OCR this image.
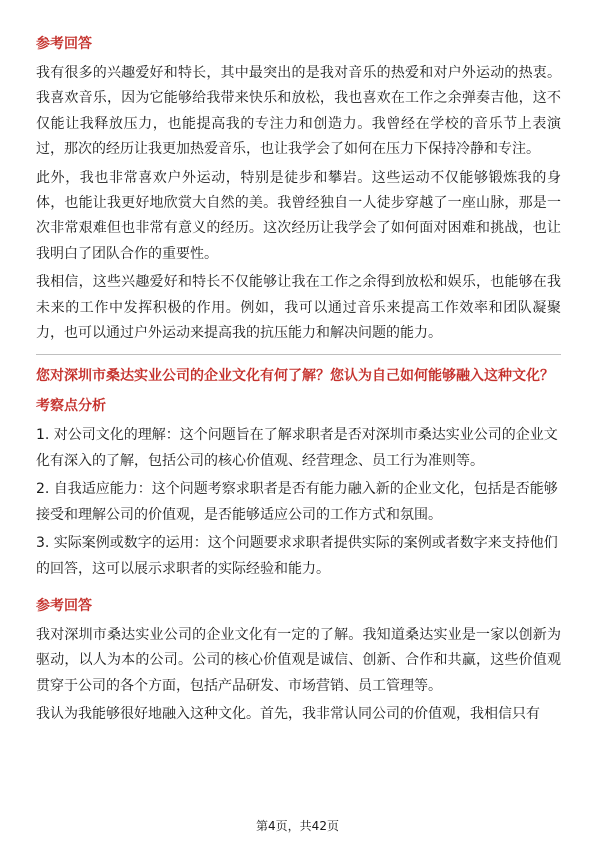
参考回答

我有很多的兴趣爱好和特长，其中最突出的是我对音乐的热爱和对户外运动的热衷。我喜欢音乐，因为它能够给我带来快乐和放松，我也喜欢在工作之余弹奏吉他，这不仅能让我释放压力，也能提高我的专注力和创造力。我曾经在学校的音乐节上表演过，那次的经历让我更加热爱音乐，也让我学会了如何在压力下保持冷静和专注。

此外，我也非常喜欢户外运动，特别是徒步和攀岩。这些运动不仅能够锻炼我的身体，也能让我更好地欣赏大自然的美。我曾经独自一人徒步穿越了一座山脉，那是一次非常艰难但也非常有意义的经历。这次经历让我学会了如何面对困难和挑战，也让我明白了团队合作的重要性。

我相信，这些兴趣爱好和特长不仅能够让我在工作之余得到放松和娱乐，也能够在我未来的工作中发挥积极的作用。例如，我可以通过音乐来提高工作效率和团队凝聚力，也可以通过户外运动来提高我的抗压能力和解决问题的能力。

您对深圳市桑达实业公司的企业文化有何了解？您认为自己如何能够融入这种文化？
考察点分析

1. 对公司文化的理解：这个问题旨在了解求职者是否对深圳市桑达实业公司的企业文化有深入的了解，包括公司的核心价值观、经营理念、员工行为准则等。

2. 自我适应能力：这个问题考察求职者是否有能力融入新的企业文化，包括是否能够接受和理解公司的价值观，是否能够适应公司的工作方式和氛围。

3. 实际案例或数字的运用：这个问题要求求职者提供实际的案例或者数字来支持他们的回答，这可以展示求职者的实际经验和能力。

参考回答

我对深圳市桑达实业公司的企业文化有一定的了解。我知道桑达实业是一家以创新为驱动，以人为本的公司。公司的核心价值观是诚信、创新、合作和共赢，这些价值观贯穿于公司的各个方面，包括产品研发、市场营销、员工管理等。

我认为我能够很好地融入这种文化。首先，我非常认同公司的价值观，我相信只有

第4页，共42页
